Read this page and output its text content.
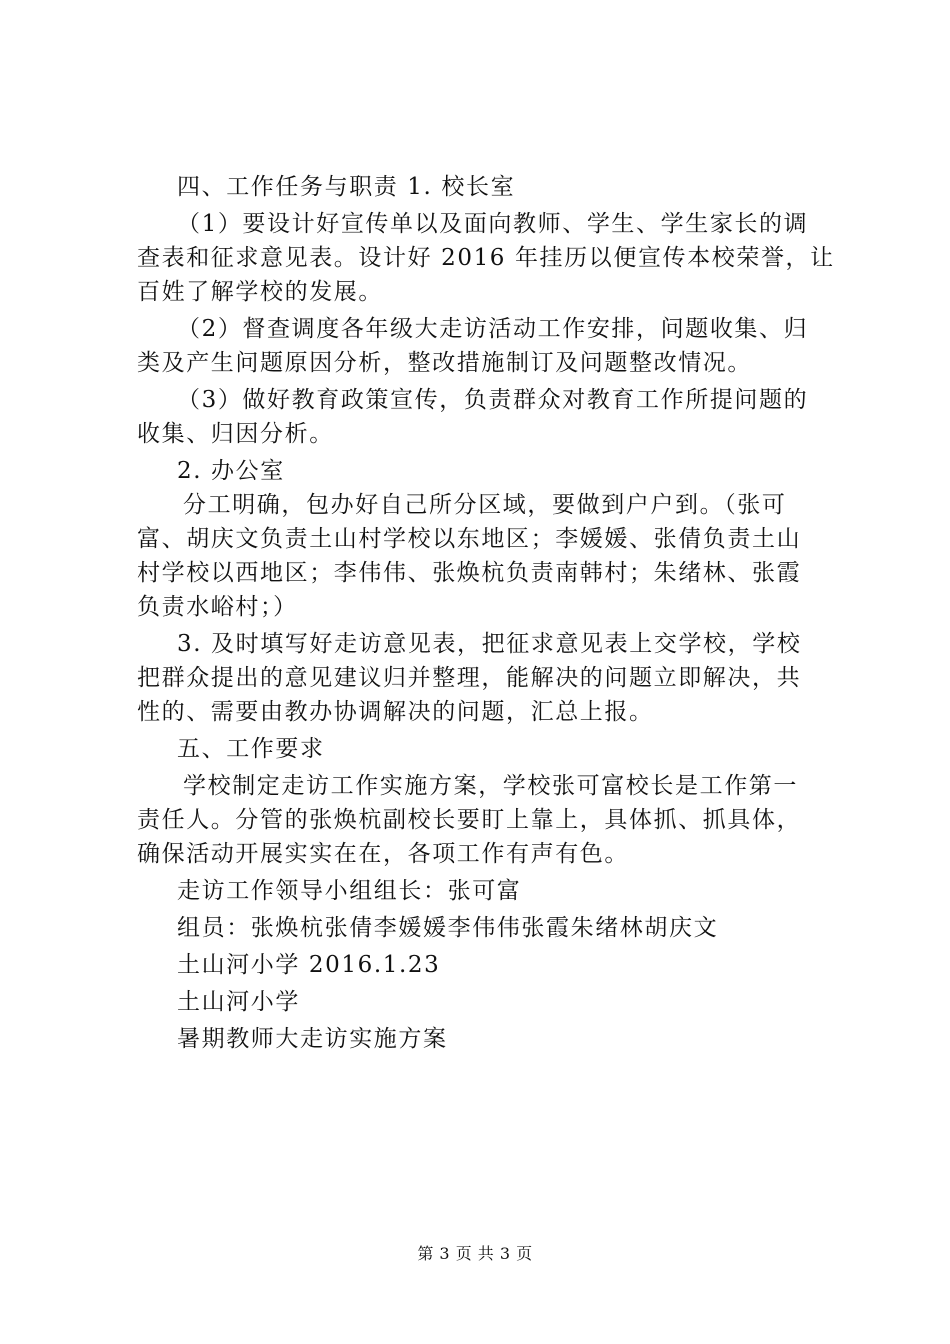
四、工作任务与职责 1. 校长室
（1）要设计好宣传单以及面向教师、学生、学生家长的调
查表和征求意见表。设计好 2016 年挂历以便宣传本校荣誉，让
百姓了解学校的发展。
（2）督查调度各年级大走访活动工作安排，问题收集、归
类及产生问题原因分析，整改措施制订及问题整改情况。
（3）做好教育政策宣传，负责群众对教育工作所提问题的
收集、归因分析。
2. 办公室
分工明确，包办好自己所分区域，要做到户户到。（张可
富、胡庆文负责土山村学校以东地区；李媛媛、张倩负责土山
村学校以西地区；李伟伟、张焕杭负责南韩村；朱绪林、张霞
负责水峪村；）
3. 及时填写好走访意见表，把征求意见表上交学校，学校
把群众提出的意见建议归并整理，能解决的问题立即解决，共
性的、需要由教办协调解决的问题，汇总上报。
五、工作要求
学校制定走访工作实施方案，学校张可富校长是工作第一
责任人。分管的张焕杭副校长要盯上靠上，具体抓、抓具体，
确保活动开展实实在在，各项工作有声有色。
走访工作领导小组组长：张可富
组员：张焕杭张倩李媛媛李伟伟张霞朱绪林胡庆文
土山河小学 2016.1.23
土山河小学
暑期教师大走访实施方案
第 3 页 共 3 页
